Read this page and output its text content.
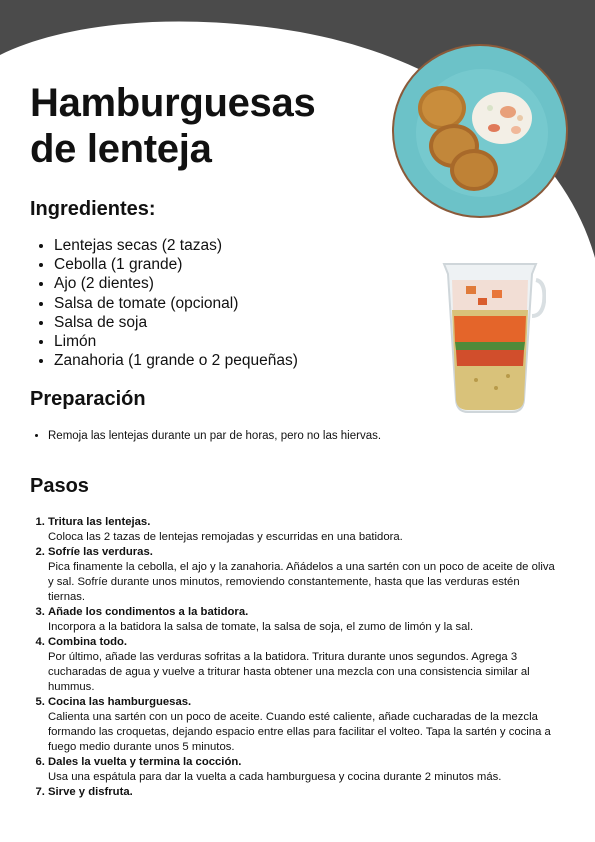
Hamburguesas
de lenteja
Ingredientes:
• Lentejas secas (2 tazas)
• Cebolla (1 grande)
• Ajo (2 dientes)
• Salsa de tomate (opcional)
• Salsa de soja
• Limón
• Zanahoria (1 grande o 2 pequeñas)
Preparación
• Remoja las lentejas durante un par de horas, pero no las hiervas.
Pasos
1. Tritura las lentejas.
Coloca las 2 tazas de lentejas remojadas y escurridas en una batidora.
2. Sofríe las verduras.
Pica finamente la cebolla, el ajo y la zanahoria. Añádelos a una sartén con un poco de aceite de oliva y sal. Sofríe durante unos minutos, removiendo constantemente, hasta que las verduras estén tiernas.
3. Añade los condimentos a la batidora.
Incorpora a la batidora la salsa de tomate, la salsa de soja, el zumo de limón y la sal.
4. Combina todo.
Por último, añade las verduras sofritas a la batidora. Tritura durante unos segundos. Agrega 3 cucharadas de agua y vuelve a triturar hasta obtener una mezcla con una consistencia similar al hummus.
5. Cocina las hamburguesas.
Calienta una sartén con un poco de aceite. Cuando esté caliente, añade cucharadas de la mezcla formando las croquetas, dejando espacio entre ellas para facilitar el volteo. Tapa la sartén y cocina a fuego medio durante unos 5 minutos.
6. Dales la vuelta y termina la cocción.
Usa una espátula para dar la vuelta a cada hamburguesa y cocina durante 2 minutos más.
7. Sirve y disfruta.
